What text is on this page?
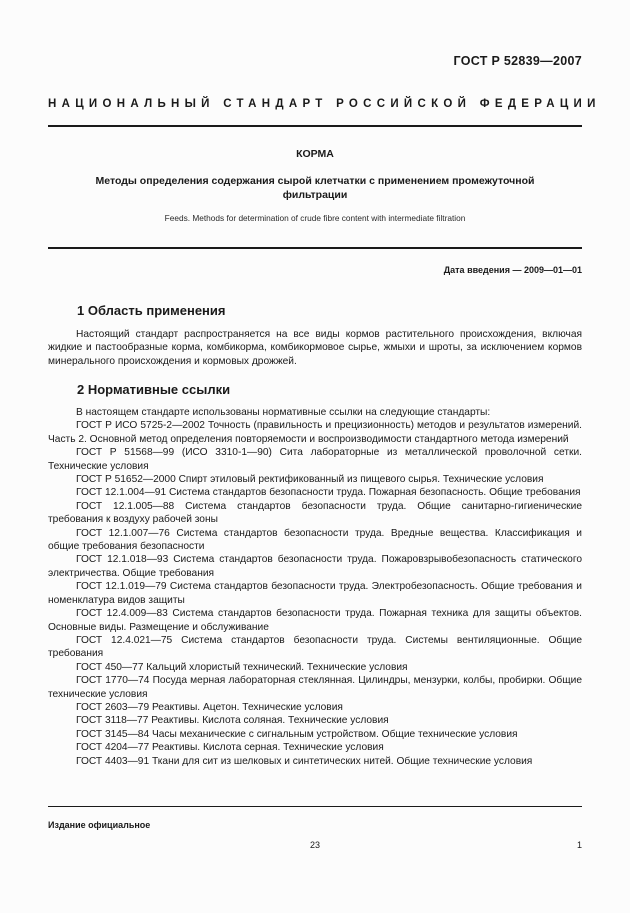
ГОСТ Р 52839—2007
НАЦИОНАЛЬНЫЙ СТАНДАРТ РОССИЙСКОЙ ФЕДЕРАЦИИ
КОРМА
Методы определения содержания сырой клетчатки с применением промежуточной фильтрации
Feeds. Methods for determination of crude fibre content with intermediate filtration
Дата введения — 2009—01—01
1 Область применения

Настоящий стандарт распространяется на все виды кормов растительного происхождения, включая жидкие и пастообразные корма, комбикорма, комбикормовое сырье, жмыхи и шроты, за исключением кормов минерального происхождения и кормовых дрожжей.

2 Нормативные ссылки

В настоящем стандарте использованы нормативные ссылки на следующие стандарты:

ГОСТ Р ИСО 5725-2—2002 Точность (правильность и прецизионность) методов и результатов измерений. Часть 2. Основной метод определения повторяемости и воспроизводимости стандартного метода измерений

ГОСТ Р 51568—99 (ИСО 3310-1—90) Сита лабораторные из металлической проволочной сетки. Технические условия

ГОСТ Р 51652—2000 Спирт этиловый ректификованный из пищевого сырья. Технические условия

ГОСТ 12.1.004—91 Система стандартов безопасности труда. Пожарная безопасность. Общие требования

ГОСТ 12.1.005—88 Система стандартов безопасности труда. Общие санитарно-гигиенические требования к воздуху рабочей зоны

ГОСТ 12.1.007—76 Система стандартов безопасности труда. Вредные вещества. Классификация и общие требования безопасности

ГОСТ 12.1.018—93 Система стандартов безопасности труда. Пожаровзрывобезопасность статического электричества. Общие требования

ГОСТ 12.1.019—79 Система стандартов безопасности труда. Электробезопасность. Общие требования и номенклатура видов защиты

ГОСТ 12.4.009—83 Система стандартов безопасности труда. Пожарная техника для защиты объектов. Основные виды. Размещение и обслуживание

ГОСТ 12.4.021—75 Система стандартов безопасности труда. Системы вентиляционные. Общие требования

ГОСТ 450—77 Кальций хлористый технический. Технические условия

ГОСТ 1770—74 Посуда мерная лабораторная стеклянная. Цилиндры, мензурки, колбы, пробирки. Общие технические условия

ГОСТ 2603—79 Реактивы. Ацетон. Технические условия

ГОСТ 3118—77 Реактивы. Кислота соляная. Технические условия

ГОСТ 3145—84 Часы механические с сигнальным устройством. Общие технические условия

ГОСТ 4204—77 Реактивы. Кислота серная. Технические условия

ГОСТ 4403—91 Ткани для сит из шелковых и синтетических нитей. Общие технические условия

Издание официальное
23	1
